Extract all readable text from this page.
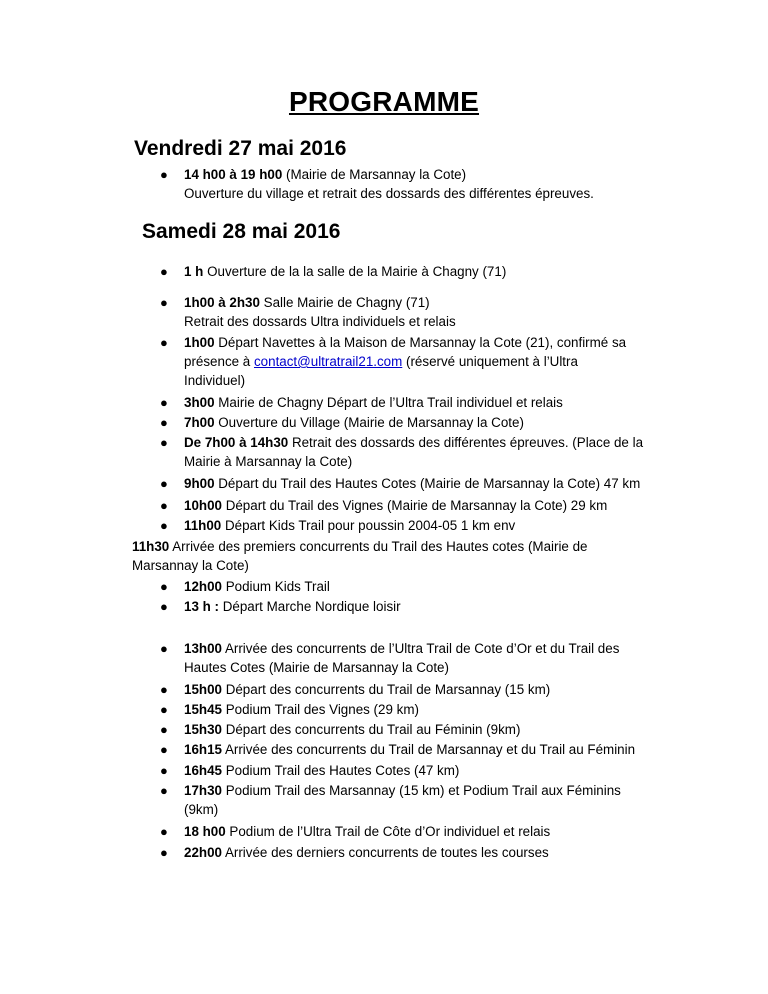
PROGRAMME
Vendredi 27 mai 2016
● 14 h00 à 19 h00 (Mairie de Marsannay la Cote)
Ouverture du village et retrait des dossards des différentes épreuves.
Samedi 28 mai 2016
● 1 h Ouverture de la la salle de la Mairie à Chagny (71)
● 1h00 à 2h30 Salle Mairie de Chagny (71)
Retrait des dossards Ultra individuels et relais
● 1h00 Départ Navettes à la Maison de Marsannay la Cote (21), confirmé sa
présence à contact@ultratrail21.com (réservé uniquement à l’Ultra
Individuel)
● 3h00 Mairie de Chagny Départ de l’Ultra Trail individuel et relais
● 7h00 Ouverture du Village (Mairie de Marsannay la Cote)
● De 7h00 à 14h30 Retrait des dossards des différentes épreuves. (Place de la
Mairie à Marsannay la Cote)
● 9h00 Départ du Trail des Hautes Cotes (Mairie de Marsannay la Cote) 47 km
● 10h00 Départ du Trail des Vignes (Mairie de Marsannay la Cote) 29 km
● 11h00 Départ Kids Trail pour poussin 2004-05 1 km env
11h30 Arrivée des premiers concurrents du Trail des Hautes cotes (Mairie de
Marsannay la Cote)
● 12h00 Podium Kids Trail
● 13 h : Départ Marche Nordique loisir
● 13h00 Arrivée des concurrents de l’Ultra Trail de Cote d’Or et du Trail des
Hautes Cotes (Mairie de Marsannay la Cote)
● 15h00 Départ des concurrents du Trail de Marsannay (15 km)
● 15h45 Podium Trail des Vignes (29 km)
● 15h30 Départ des concurrents du Trail au Féminin (9km)
● 16h15 Arrivée des concurrents du Trail de Marsannay et du Trail au Féminin
● 16h45 Podium Trail des Hautes Cotes (47 km)
● 17h30 Podium Trail des Marsannay (15 km) et Podium Trail aux Féminins
(9km)
● 18 h00 Podium de l’Ultra Trail de Côte d’Or individuel et relais
● 22h00 Arrivée des derniers concurrents de toutes les courses
